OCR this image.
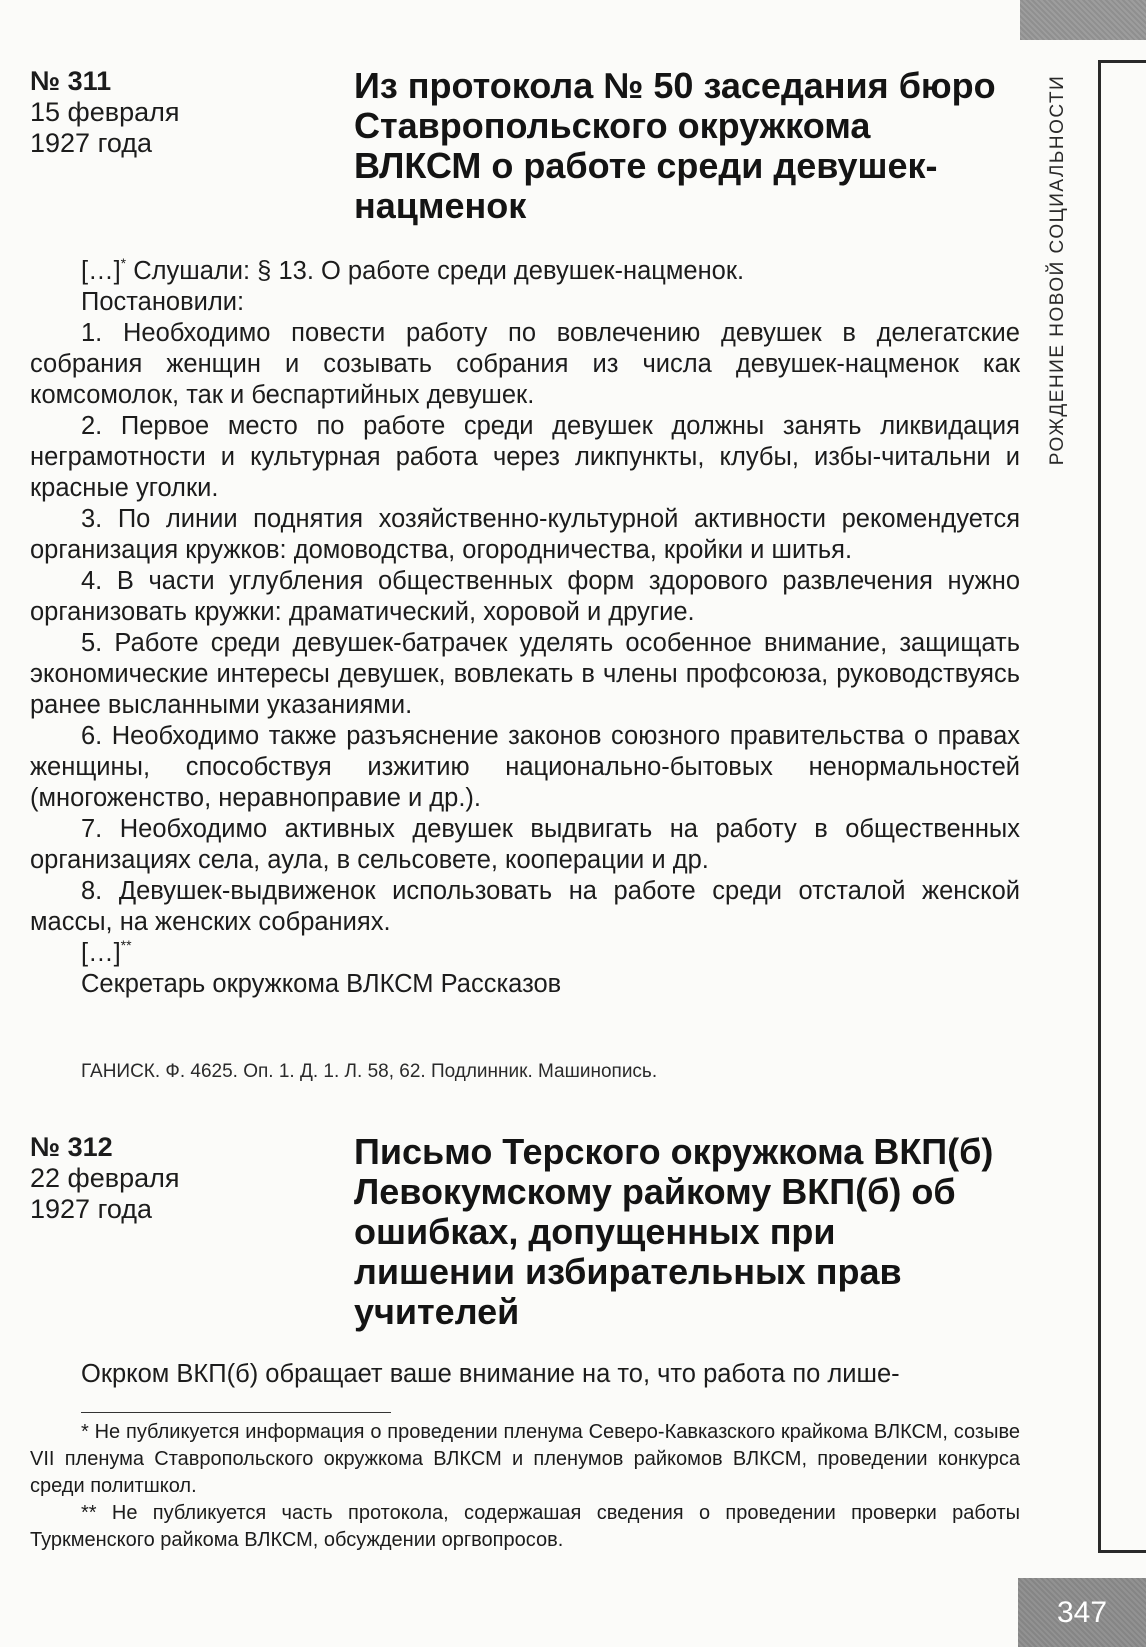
РОЖДЕНИЕ НОВОЙ СОЦИАЛЬНОСТИ
№ 311
15 февраля
1927 года
Из протокола № 50 заседания бюро Ставропольского окружкома ВЛКСМ о работе среди девушек-нацменок

[…]* Слушали: § 13. О работе среди девушек-нацменок.

Постановили:

1. Необходимо повести работу по вовлечению девушек в делегатские собрания женщин и созывать собрания из числа девушек-нацменок как комсомолок, так и беспартийных девушек.

2. Первое место по работе среди девушек должны занять ликвидация неграмотности и культурная работа через ликпункты, клубы, избы-читальни и красные уголки.

3. По линии поднятия хозяйственно-культурной активности рекомендуется организация кружков: домоводства, огородничества, кройки и шитья.

4. В части углубления общественных форм здорового развлечения нужно организовать кружки: драматический, хоровой и другие.

5. Работе среди девушек-батрачек уделять особенное внимание, защищать экономические интересы девушек, вовлекать в члены профсоюза, руководствуясь ранее высланными указаниями.

6. Необходимо также разъяснение законов союзного правительства о правах женщины, способствуя изжитию национально-бытовых ненормальностей (многоженство, неравноправие и др.).

7. Необходимо активных девушек выдвигать на работу в общественных организациях села, аула, в сельсовете, кооперации и др.

8. Девушек-выдвиженок использовать на работе среди отсталой женской массы, на женских собраниях.

[…]**

Секретарь окружкома ВЛКСМ Рассказов

ГАНИСК. Ф. 4625. Оп. 1. Д. 1. Л. 58, 62. Подлинник. Машинопись.
№ 312
22 февраля
1927 года
Письмо Терского окружкома ВКП(б) Левокумскому райкому ВКП(б) об ошибках, допущенных при лишении избирательных прав учителей

Окрком ВКП(б) обращает ваше внимание на то, что работа по лише-

* Не публикуется информация о проведении пленума Северо-Кавказского крайкома ВЛКСМ, созыве VII пленума Ставропольского окружкома ВЛКСМ и пленумов райкомов ВЛКСМ, проведении конкурса среди политшкол.

** Не публикуется часть протокола, содержашая сведения о проведении проверки работы Туркменского райкома ВЛКСМ, обсуждении оргвопросов.

347
